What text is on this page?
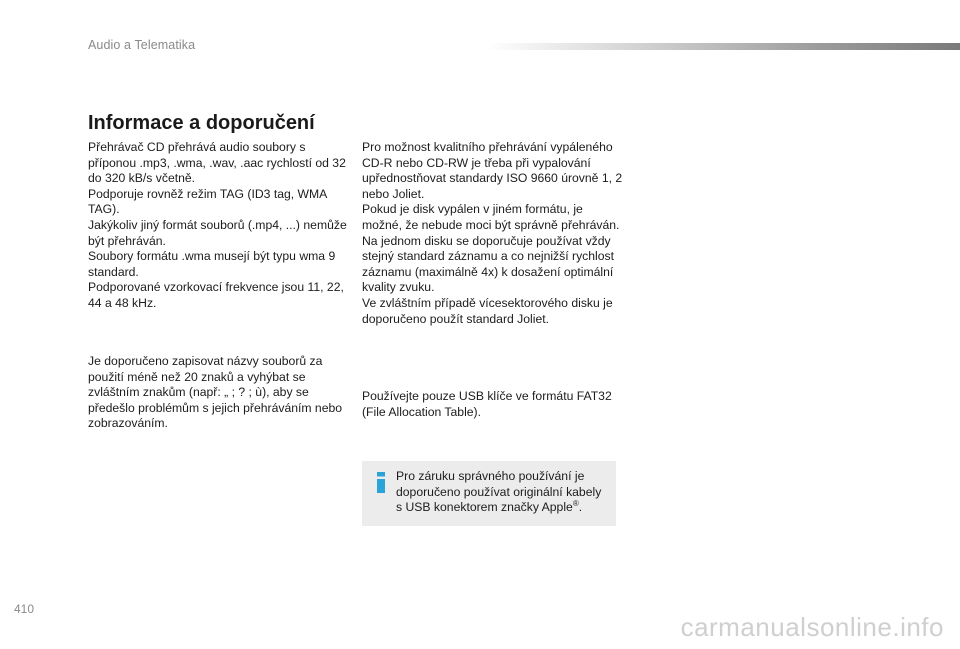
Audio a Telematika
Informace a doporučení

Přehrávač CD přehrává audio soubory s příponou .mp3, .wma, .wav, .aac rychlostí od 32 do 320 kB/s včetně.

Podporuje rovněž režim TAG (ID3 tag, WMA TAG).

Jakýkoliv jiný formát souborů (.mp4, ...) nemůže být přehráván.

Soubory formátu .wma musejí být typu wma 9 standard.

Podporované vzorkovací frekvence jsou 11, 22, 44 a 48 kHz.

Je doporučeno zapisovat názvy souborů za použití méně než 20 znaků a vyhýbat se zvláštním znakům (např: „ ; ? ; ù), aby se předešlo problémům s jejich přehráváním nebo zobrazováním.

Pro možnost kvalitního přehrávání vypáleného CD-R nebo CD-RW je třeba při vypalování upřednostňovat standardy ISO 9660 úrovně 1, 2 nebo Joliet.

Pokud je disk vypálen v jiném formátu, je možné, že nebude moci být správně přehráván.

Na jednom disku se doporučuje používat vždy stejný standard záznamu a co nejnižší rychlost záznamu (maximálně 4x) k dosažení optimální kvality zvuku.

Ve zvláštním případě vícesektorového disku je doporučeno použít standard Joliet.

Používejte pouze USB klíče ve formátu FAT32 (File Allocation Table).

Pro záruku správného používání je doporučeno používat originální kabely s USB konektorem značky Apple®.

410
carmanualsonline.info
